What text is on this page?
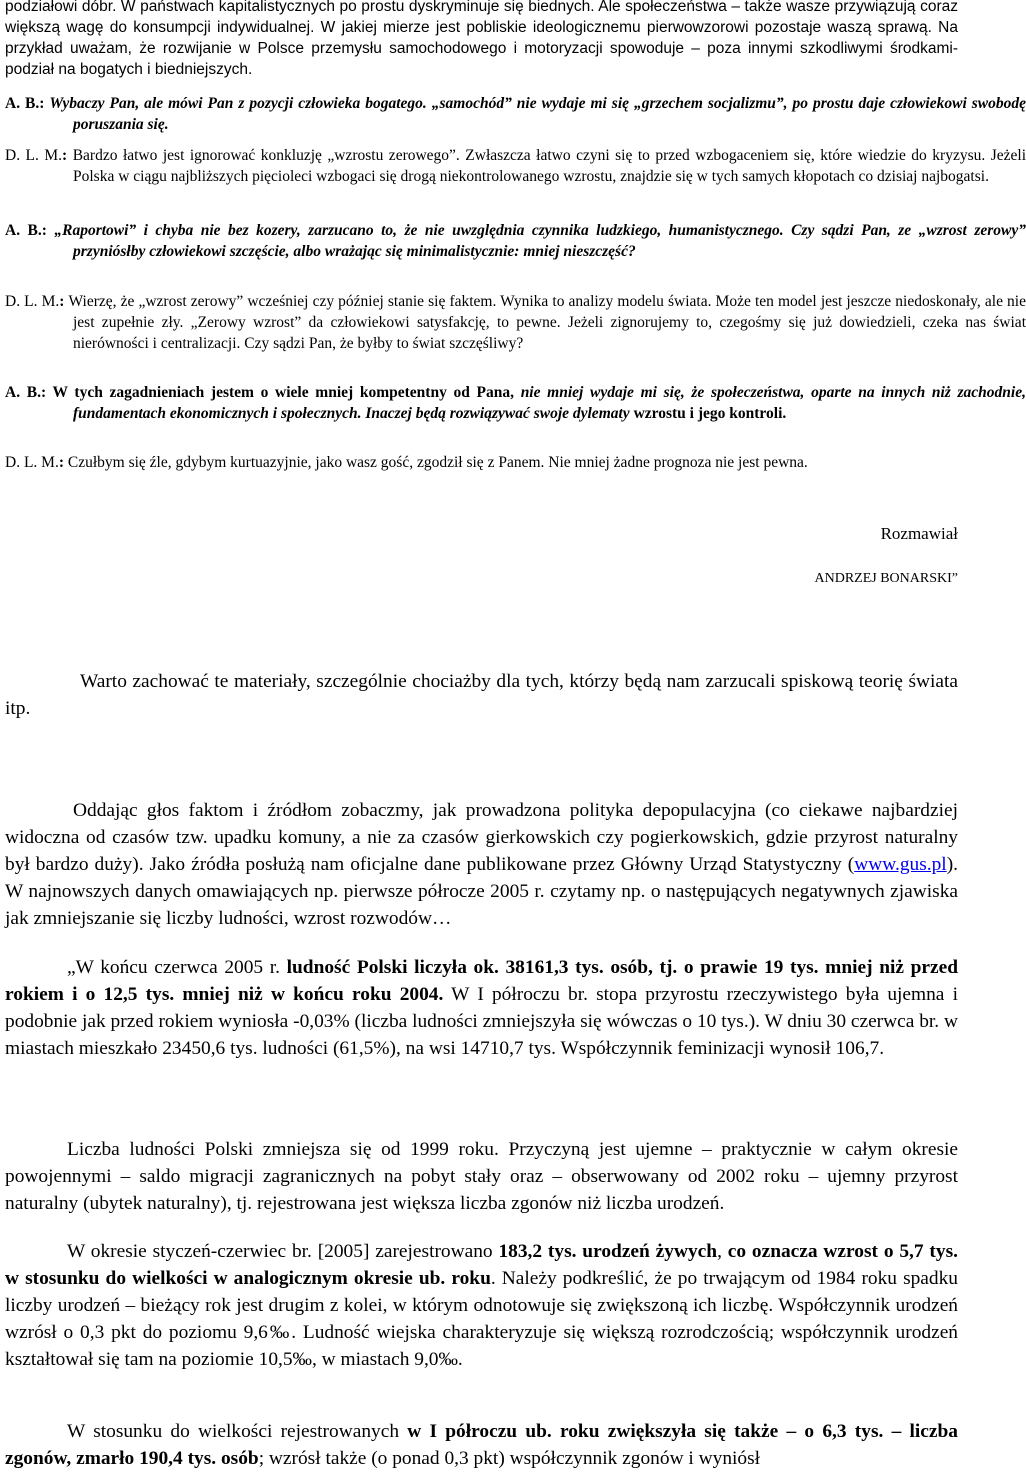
podziałowi dóbr. W państwach kapitalistycznych po prostu dyskryminuje się biednych. Ale społeczeństwa – także wasze przywiązują coraz większą wagę do konsumpcji indywidualnej. W jakiej mierze jest pobliskie ideologicznemu pierwowzorowi pozostaje waszą sprawą. Na przykład uważam, że rozwijanie w Polsce przemysłu samochodowego i motoryzacji spowoduje – poza innymi szkodliwymi środkami- podział na bogatych i biedniejszych.
A. B.: Wybaczy Pan, ale mówi Pan z pozycji człowieka bogatego. „samochód” nie wydaje mi się „grzechem socjalizmu”, po prostu daje człowiekowi swobodę poruszania się.
D. L. M.: Bardzo łatwo jest ignorować konkluzję „wzrostu zerowego”. Zwłaszcza łatwo czyni się to przed wzbogaceniem się, które wiedzie do kryzysu. Jeżeli Polska w ciągu najbliższych pięcioleci wzbogaci się drogą niekontrolowanego wzrostu, znajdzie się w tych samych kłopotach co dzisiaj najbogatsi.
A. B.: „Raportowi” i chyba nie bez kozery, zarzucano to, że nie uwzględnia czynnika ludzkiego, humanistycznego. Czy sądzi Pan, ze „wzrost zerowy” przyniósłby człowiekowi szczęście, albo wrażając się minimalistycznie: mniej nieszczęść?
D. L. M.: Wierzę, że „wzrost zerowy” wcześniej czy później stanie się faktem. Wynika to analizy modelu świata. Może ten model jest jeszcze niedoskonały, ale nie jest zupełnie zły. „Zerowy wzrost” da człowiekowi satysfakcję, to pewne. Jeżeli zignorujemy to, czegośmy się już dowiedzieli, czeka nas świat nierówności i centralizacji. Czy sądzi Pan, że byłby to świat szczęśliwy?
A. B.: W tych zagadnieniach jestem o wiele mniej kompetentny od Pana, nie mniej wydaje mi się, że społeczeństwa, oparte na innych niż zachodnie, fundamentach ekonomicznych i społecznych. Inaczej będą rozwiązywać swoje dylematy wzrostu i jego kontroli.
D. L. M.: Czułbym się źle, gdybym kurtuazyjnie, jako wasz gość, zgodził się z Panem. Nie mniej żadne prognoza nie jest pewna.
Rozmawiał
ANDRZEJ BONARSKI”
Warto zachować te materiały, szczególnie chociażby dla tych, którzy będą nam zarzucali spiskową teorię świata itp.
Oddając głos faktom i źródłom zobaczmy, jak prowadzona polityka depopulacyjna (co ciekawe najbardziej widoczna od czasów tzw. upadku komuny, a nie za czasów gierkowskich czy pogierkowskich, gdzie przyrost naturalny był bardzo duży). Jako źródła posłużą nam oficjalne dane publikowane przez Główny Urząd Statystyczny (www.gus.pl). W najnowszych danych omawiających np. pierwsze półrocze 2005 r. czytamy np. o następujących negatywnych zjawiska jak zmniejszanie się liczby ludności, wzrost rozwodów…
„W końcu czerwca 2005 r. ludność Polski liczyła ok. 38161,3 tys. osób, tj. o prawie 19 tys. mniej niż przed rokiem i o 12,5 tys. mniej niż w końcu roku 2004. W I półroczu br. stopa przyrostu rzeczywistego była ujemna i podobnie jak przed rokiem wyniosła -0,03% (liczba ludności zmniejszyła się wówczas o 10 tys.). W dniu 30 czerwca br. w miastach mieszkało 23450,6 tys. ludności (61,5%), na wsi 14710,7 tys. Współczynnik feminizacji wynosił 106,7.
Liczba ludności Polski zmniejsza się od 1999 roku. Przyczyną jest ujemne – praktycznie w całym okresie powojennymi – saldo migracji zagranicznych na pobyt stały oraz – obserwowany od 2002 roku – ujemny przyrost naturalny (ubytek naturalny), tj. rejestrowana jest większa liczba zgonów niż liczba urodzeń.
W okresie styczeń-czerwiec br. [2005] zarejestrowano 183,2 tys. urodzeń żywych, co oznacza wzrost o 5,7 tys. w stosunku do wielkości w analogicznym okresie ub. roku. Należy podkreślić, że po trwającym od 1984 roku spadku liczby urodzeń – bieżący rok jest drugim z kolei, w którym odnotowuje się zwiększoną ich liczbę. Współczynnik urodzeń wzrósł o 0,3 pkt do poziomu 9,6‰. Ludność wiejska charakteryzuje się większą rozrodczością; współczynnik urodzeń kształtował się tam na poziomie 10,5‰, w miastach 9,0‰.
W stosunku do wielkości rejestrowanych w I półroczu ub. roku zwiększyła się także – o 6,3 tys. – liczba zgonów, zmarło 190,4 tys. osób; wzrósł także (o ponad 0,3 pkt) współczynnik zgonów i wyniósł
